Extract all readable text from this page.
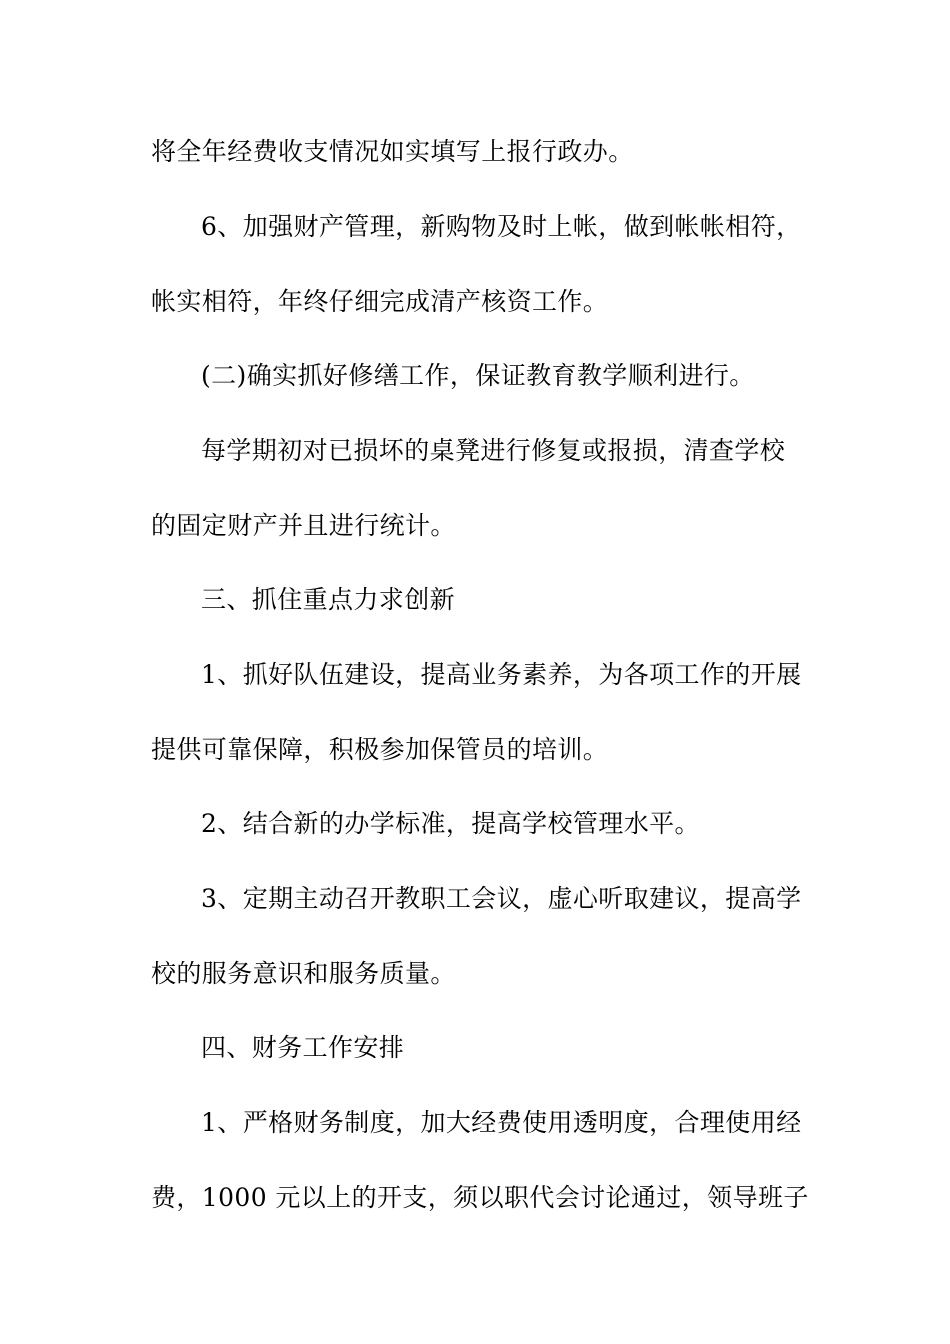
将全年经费收支情况如实填写上报行政办。
6、加强财产管理，新购物及时上帐，做到帐帐相符，
帐实相符，年终仔细完成清产核资工作。
(二)确实抓好修缮工作，保证教育教学顺利进行。
每学期初对已损坏的桌凳进行修复或报损，清查学校
的固定财产并且进行统计。
三、抓住重点力求创新
1、抓好队伍建设，提高业务素养，为各项工作的开展
提供可靠保障，积极参加保管员的培训。
2、结合新的办学标准，提高学校管理水平。
3、定期主动召开教职工会议，虚心听取建议，提高学
校的服务意识和服务质量。
四、财务工作安排
1、严格财务制度，加大经费使用透明度，合理使用经
费，1000 元以上的开支，须以职代会讨论通过，领导班子
